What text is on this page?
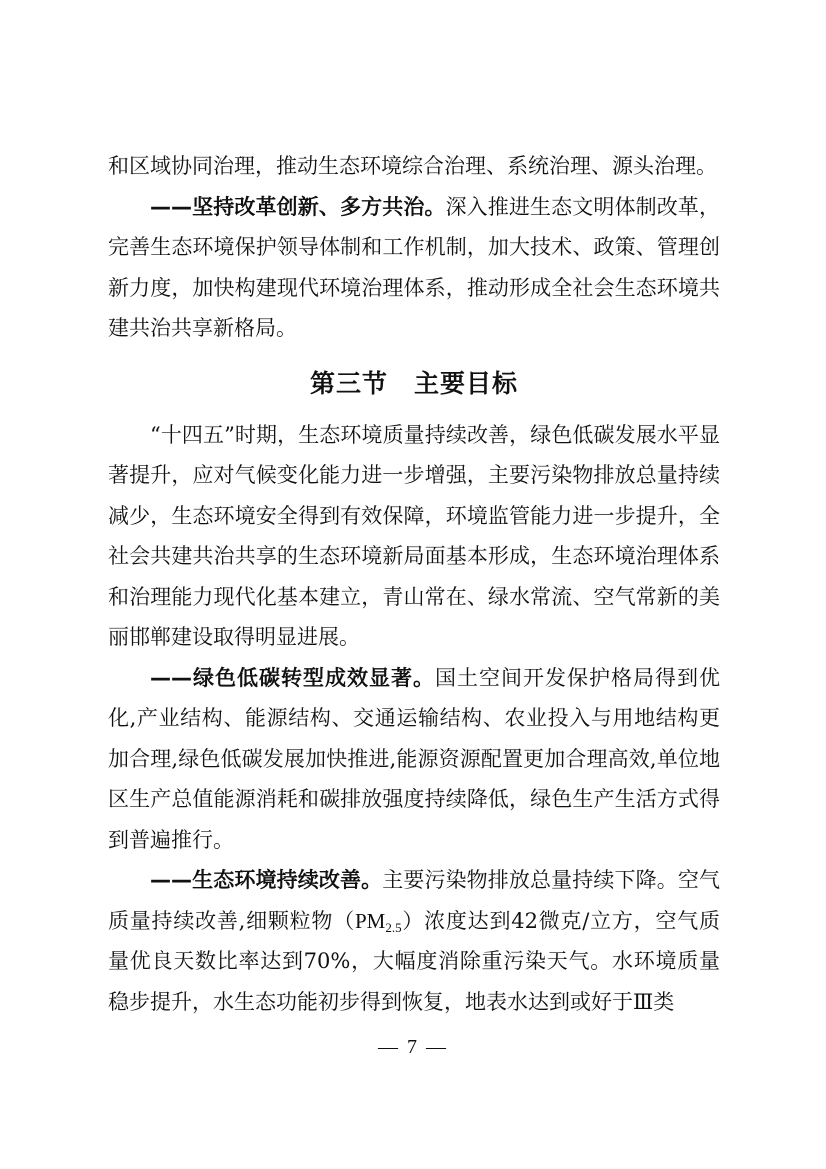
和区域协同治理，推动生态环境综合治理、系统治理、源头治理。

——坚持改革创新、多方共治。深入推进生态文明体制改革，完善生态环境保护领导体制和工作机制，加大技术、政策、管理创新力度，加快构建现代环境治理体系，推动形成全社会生态环境共建共治共享新格局。

第三节 主要目标

“十四五”时期，生态环境质量持续改善，绿色低碳发展水平显著提升，应对气候变化能力进一步增强，主要污染物排放总量持续减少，生态环境安全得到有效保障，环境监管能力进一步提升，全社会共建共治共享的生态环境新局面基本形成，生态环境治理体系和治理能力现代化基本建立，青山常在、绿水常流、空气常新的美丽邯郸建设取得明显进展。

——绿色低碳转型成效显著。国土空间开发保护格局得到优化,产业结构、能源结构、交通运输结构、农业投入与用地结构更加合理,绿色低碳发展加快推进,能源资源配置更加合理高效,单位地区生产总值能源消耗和碳排放强度持续降低，绿色生产生活方式得到普遍推行。

——生态环境持续改善。主要污染物排放总量持续下降。空气质量持续改善,细颗粒物$(PM_{2.5})$浓度达到42微克/立方，空气质量优良天数比率达到70%，大幅度消除重污染天气。水环境质量稳步提升，水生态功能初步得到恢复，地表水达到或好于Ⅲ类

— 7 —
